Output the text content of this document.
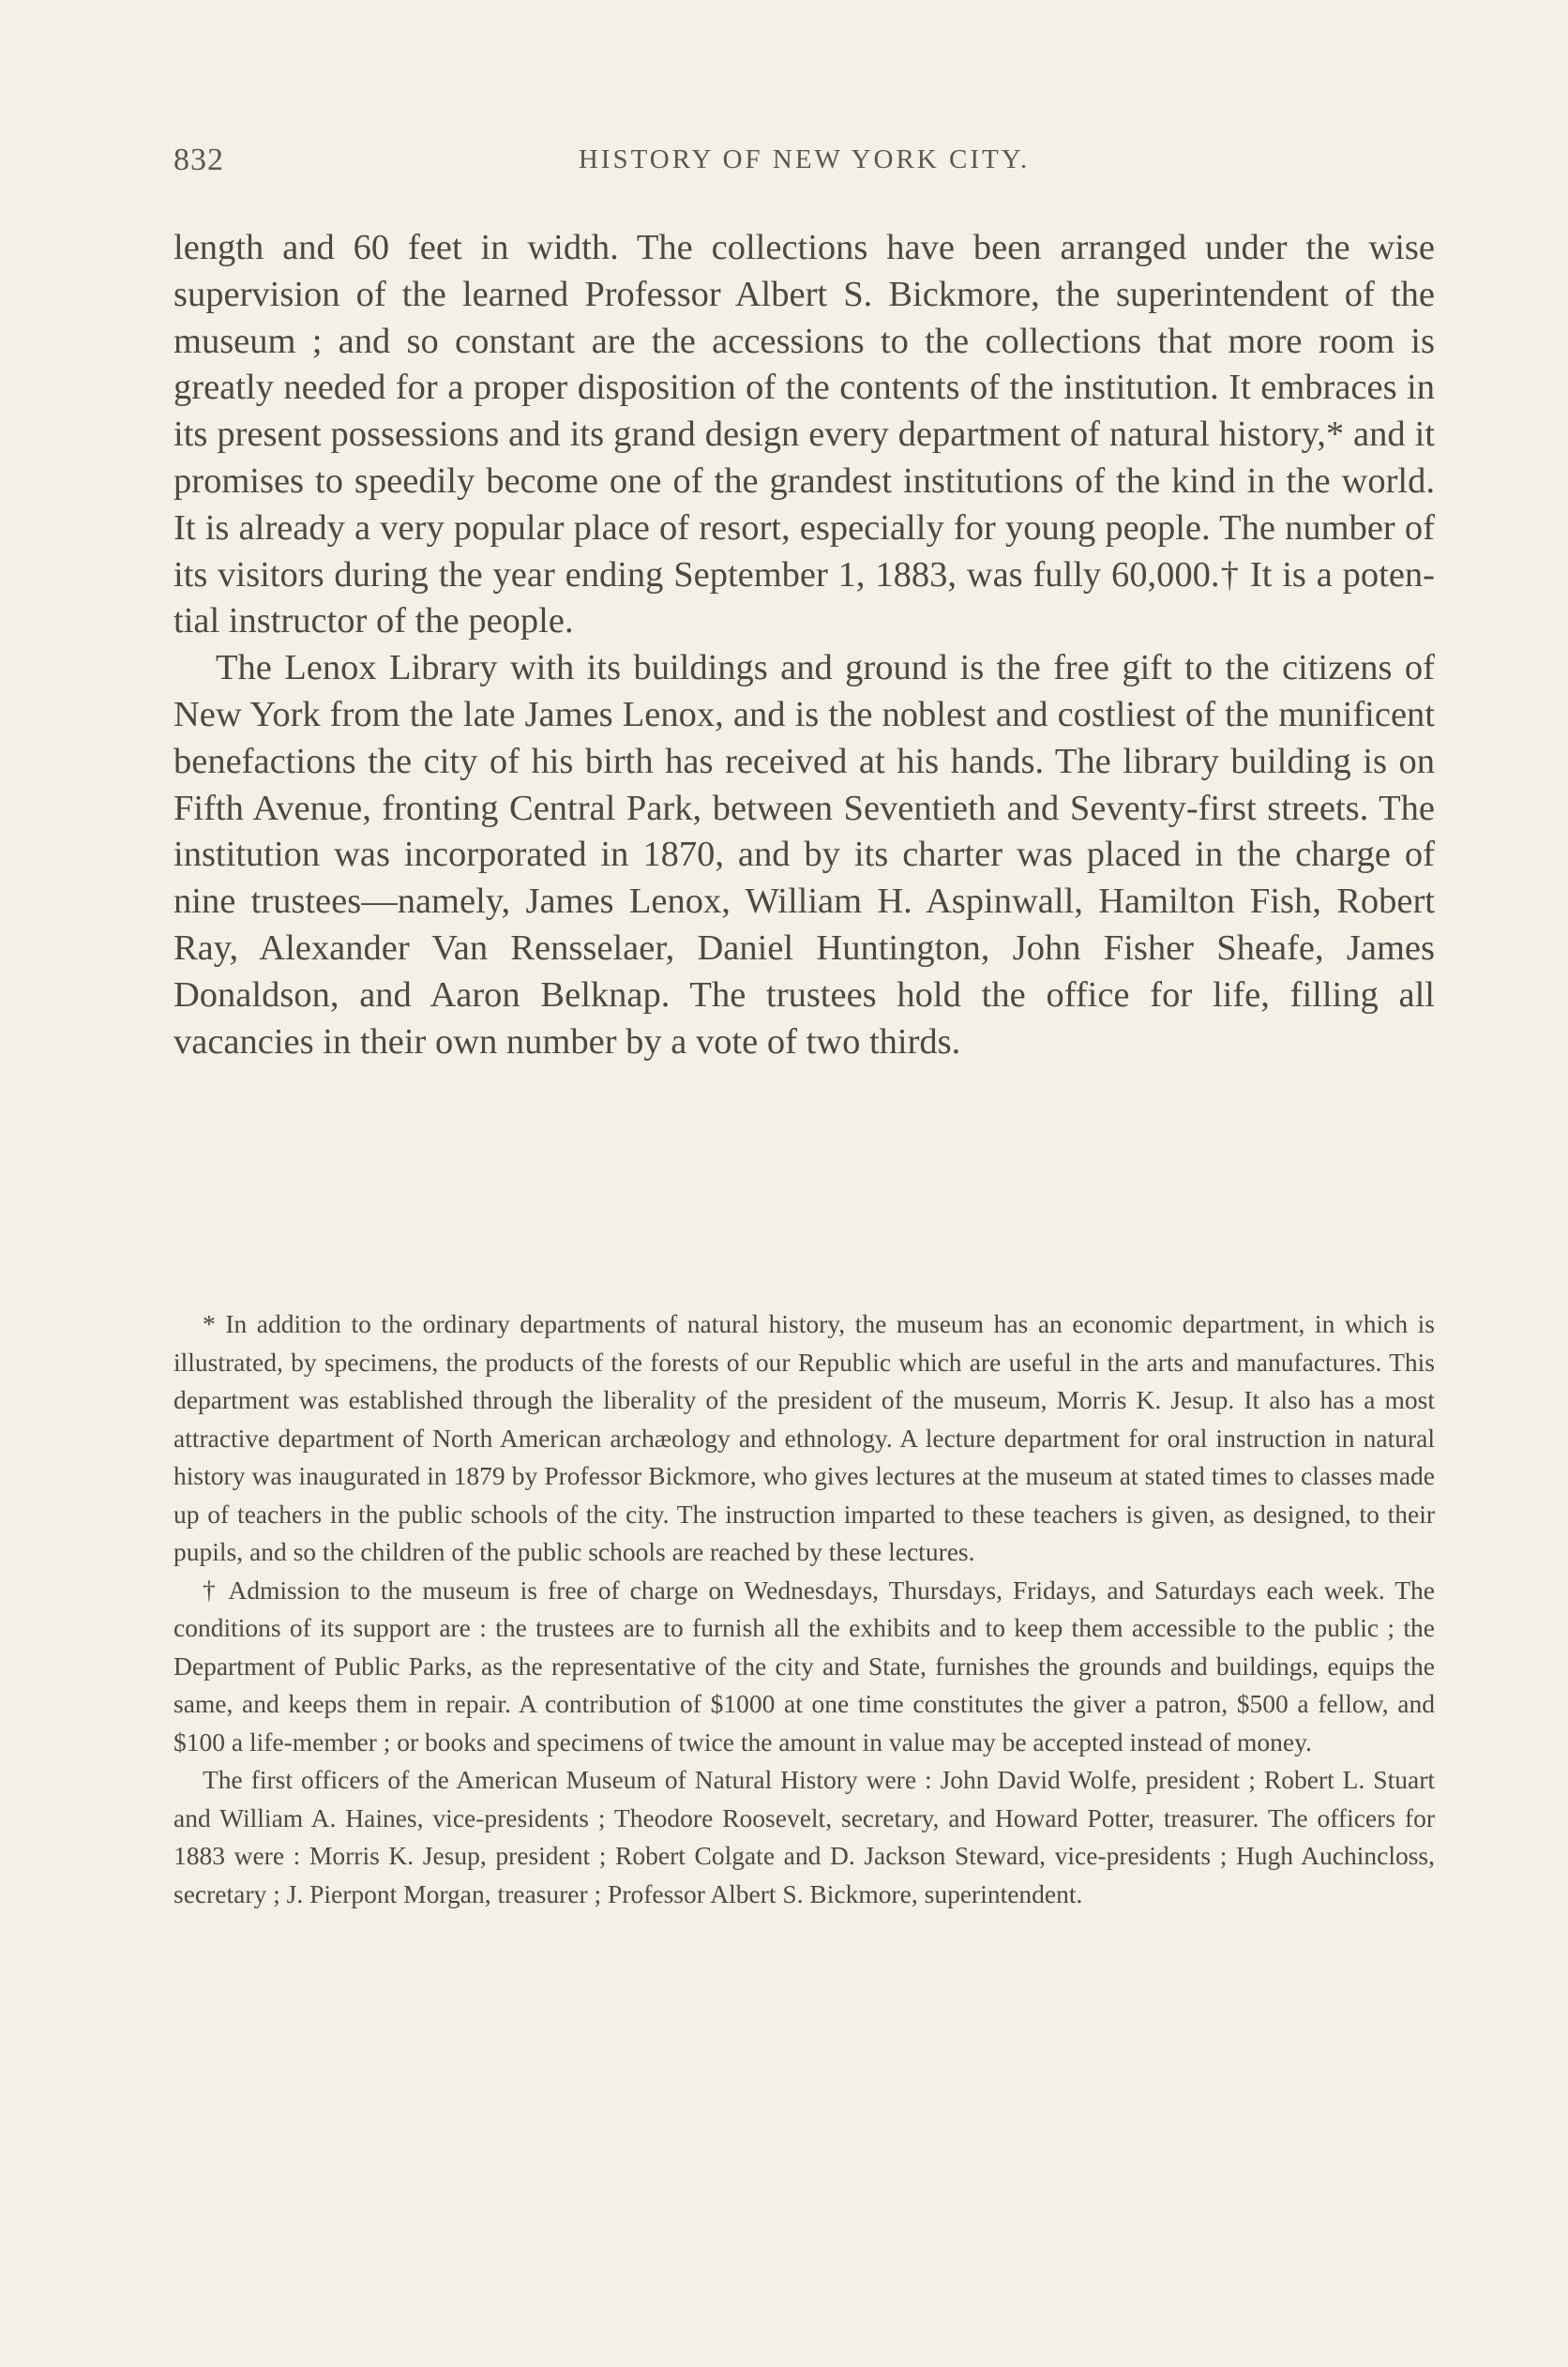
832	HISTORY OF NEW YORK CITY.

length and 60 feet in width. The collections have been arranged under the wise supervision of the learned Professor Albert S. Bickmore, the superintendent of the museum ; and so constant are the accessions to the collections that more room is greatly needed for a proper disposition of the contents of the institution. It embraces in its present possessions and its grand design every department of natural history,* and it promises to speedily become one of the grandest institutions of the kind in the world. It is already a very popular place of resort, especially for young people. The number of its visitors during the year ending September 1, 1883, was fully 60,000.† It is a potential instructor of the people.

The Lenox Library with its buildings and ground is the free gift to the citizens of New York from the late James Lenox, and is the noblest and costliest of the munificent benefactions the city of his birth has received at his hands. The library building is on Fifth Avenue, fronting Central Park, between Seventieth and Seventy-first streets. The institution was incorporated in 1870, and by its charter was placed in the charge of nine trustees—namely, James Lenox, William H. Aspinwall, Hamilton Fish, Robert Ray, Alexander Van Rensselaer, Daniel Huntington, John Fisher Sheafe, James Donaldson, and Aaron Belknap. The trustees hold the office for life, filling all vacancies in their own number by a vote of two thirds.

* In addition to the ordinary departments of natural history, the museum has an economic department, in which is illustrated, by specimens, the products of the forests of our Republic which are useful in the arts and manufactures. This department was established through the liberality of the president of the museum, Morris K. Jesup. It also has a most attractive department of North American archæology and ethnology. A lecture department for oral instruction in natural history was inaugurated in 1879 by Professor Bickmore, who gives lectures at the museum at stated times to classes made up of teachers in the public schools of the city. The instruction imparted to these teachers is given, as designed, to their pupils, and so the children of the public schools are reached by these lectures.

† Admission to the museum is free of charge on Wednesdays, Thursdays, Fridays, and Saturdays each week. The conditions of its support are : the trustees are to furnish all the exhibits and to keep them accessible to the public ; the Department of Public Parks, as the representative of the city and State, furnishes the grounds and buildings, equips the same, and keeps them in repair. A contribution of $1000 at one time constitutes the giver a patron, $500 a fellow, and $100 a life-member ; or books and specimens of twice the amount in value may be accepted instead of money.

The first officers of the American Museum of Natural History were : John David Wolfe, president ; Robert L. Stuart and William A. Haines, vice-presidents ; Theodore Roosevelt, secretary, and Howard Potter, treasurer. The officers for 1883 were : Morris K. Jesup, president ; Robert Colgate and D. Jackson Steward, vice-presidents ; Hugh Auchincloss, secretary ; J. Pierpont Morgan, treasurer ; Professor Albert S. Bickmore, superintendent.
